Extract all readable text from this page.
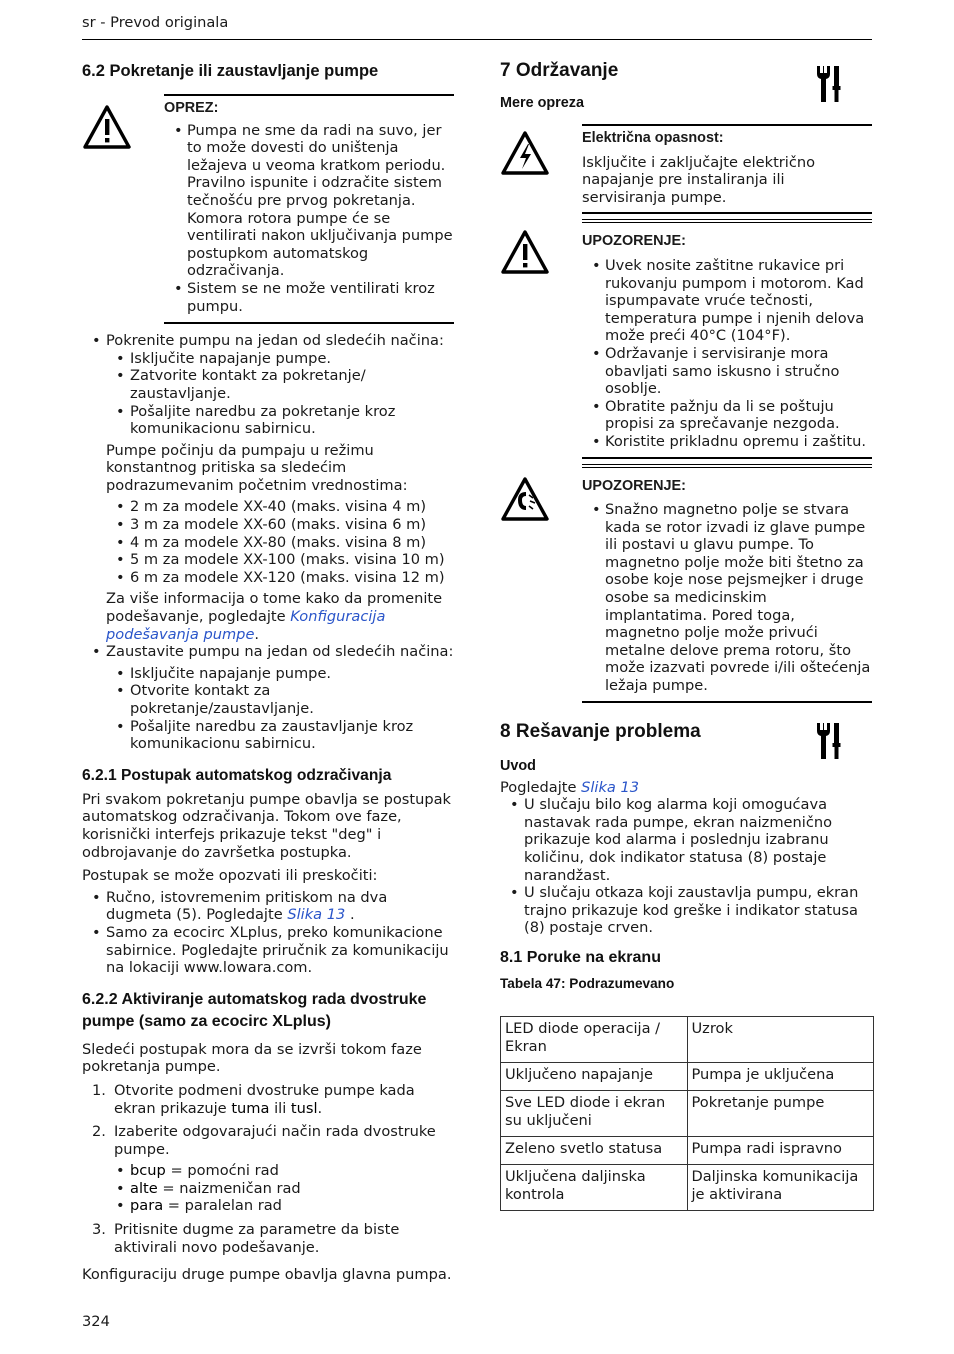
sr - Prevod originala
6.2 Pokretanje ili zaustavljanje pumpe
OPREZ:
• Pumpa ne sme da radi na suvo, jer to može dovesti do uništenja ležajeva u veoma kratkom periodu. Pravilno ispunite i odzračite sistem tečnošću pre prvog pokretanja. Komora rotora pumpe će se ventilirati nakon uključivanja pumpe postupkom automatskog odzračivanja.
• Sistem se ne može ventilirati kroz pumpu.
• Pokrenite pumpu na jedan od sledećih načina:
• Isključite napajanje pumpe.
• Zatvorite kontakt za pokretanje/ zaustavljanje.
• Pošaljite naredbu za pokretanje kroz komunikacionu sabirnicu.

Pumpe počinju da pumpaju u režimu konstantnog pritiska sa sledećim podrazumevanim početnim vrednostima:

• 2 m za modele XX-40 (maks. visina 4 m)
• 3 m za modele XX-60 (maks. visina 6 m)
• 4 m za modele XX-80 (maks. visina 8 m)
• 5 m za modele XX-100 (maks. visina 10 m)
• 6 m za modele XX-120 (maks. visina 12 m)

Za više informacija o tome kako da promenite podešavanje, pogledajte Konfiguracija podešavanja pumpe.

• Zaustavite pumpu na jedan od sledećih načina:
• Isključite napajanje pumpe.
• Otvorite kontakt za pokretanje/zaustavljanje.
• Pošaljite naredbu za zaustavljanje kroz komunikacionu sabirnicu.
6.2.1 Postupak automatskog odzračivanja

Pri svakom pokretanju pumpe obavlja se postupak automatskog odzračivanja. Tokom ove faze, korisnički interfejs prikazuje tekst "deg" i odbrojavanje do završetka postupka.

Postupak se može opozvati ili preskočiti:

• Ručno, istovremenim pritiskom na dva dugmeta (5). Pogledajte Slika 13 .
• Samo za ecocirc XLplus, preko komunikacione sabirnice. Pogledajte priručnik za komunikaciju na lokaciji www.lowara.com.
6.2.2 Aktiviranje automatskog rada dvostruke pumpe (samo za ecocirc XLplus)

Sledeći postupak mora da se izvrši tokom faze pokretanja pumpe.

1. Otvorite podmeni dvostruke pumpe kada ekran prikazuje tuma ili tusl.
2. Izaberite odgovarajući način rada dvostruke pumpe.
• bcup = pomoćni rad
• alte = naizmeničan rad
• para = paralelan rad
3. Pritisnite dugme za parametre da biste aktivirali novo podešavanje.

Konfiguraciju druge pumpe obavlja glavna pumpa.

7 Održavanje
Mere opreza
Električna opasnost:

Isključite i zaključajte električno napajanje pre instaliranja ili servisiranja pumpe.

UPOZORENJE:
• Uvek nosite zaštitne rukavice pri rukovanju pumpom i motorom. Kad ispumpavate vruće tečnosti, temperatura pumpe i njenih delova može preći 40°C (104°F).
• Održavanje i servisiranje mora obavljati samo iskusno i stručno osoblje.
• Obratite pažnju da li se poštuju propisi za sprečavanje nezgoda.
• Koristite prikladnu opremu i zaštitu.
UPOZORENJE:
• Snažno magnetno polje se stvara kada se rotor izvadi iz glave pumpe ili postavi u glavu pumpe. To magnetno polje može biti štetno za osobe koje nose pejsmejker i druge osobe sa medicinskim implantatima. Pored toga, magnetno polje može privući metalne delove prema rotoru, što može izazvati povrede i/ili oštećenja ležaja pumpe.
8 Rešavanje problema
Uvod

Pogledajte Slika 13

• U slučaju bilo kog alarma koji omogućava nastavak rada pumpe, ekran naizmenično prikazuje kod alarma i poslednju izabranu količinu, dok indikator statusa (8) postaje narandžast.
• U slučaju otkaza koji zaustavlja pumpu, ekran trajno prikazuje kod greške i indikator statusa (8) postaje crven.
8.1 Poruke na ekranu
Tabela 47: Podrazumevano
LED diode operacija / Ekran	Uzrok
Uključeno napajanje	Pumpa je uključena
Sve LED diode i ekran su uključeni	Pokretanje pumpe
Zeleno svetlo statusa	Pumpa radi ispravno
Uključena daljinska kontrola	Daljinska komunikacija je aktivirana
324
